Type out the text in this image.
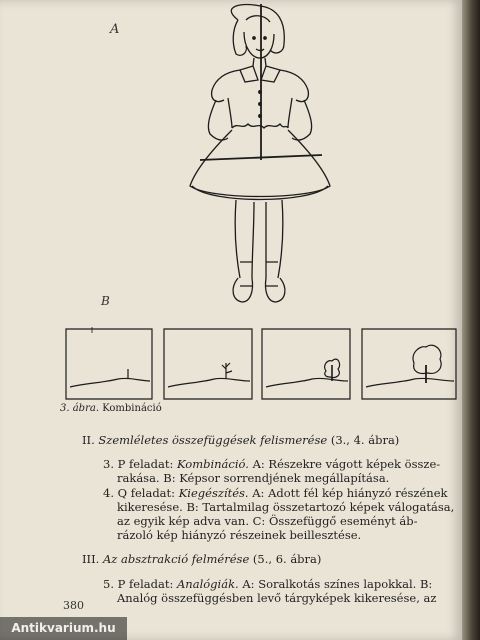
A
B
3. ábra. Kombináció
II. Szemléletes összefüggések felismerése (3., 4. ábra)
3. P feladat: Kombináció. A: Részekre vágott képek össze-
rakása. B: Képsor sorrendjének megállapítása.
4. Q feladat: Kiegészítés. A: Adott fél kép hiányzó részének
kikeresése. B: Tartalmilag összetartozó képek válogatása,
az egyik kép adva van. C: Összefüggő eseményt áb-
rázoló kép hiányzó részeinek beillesztése.
III. Az absztrakció felmérése (5., 6. ábra)
5. P feladat: Analógiák. A: Soralkotás színes lapokkal. B:
Analóg összefüggésben levő tárgyképek kikeresése, az
380
Antikvarium.hu
